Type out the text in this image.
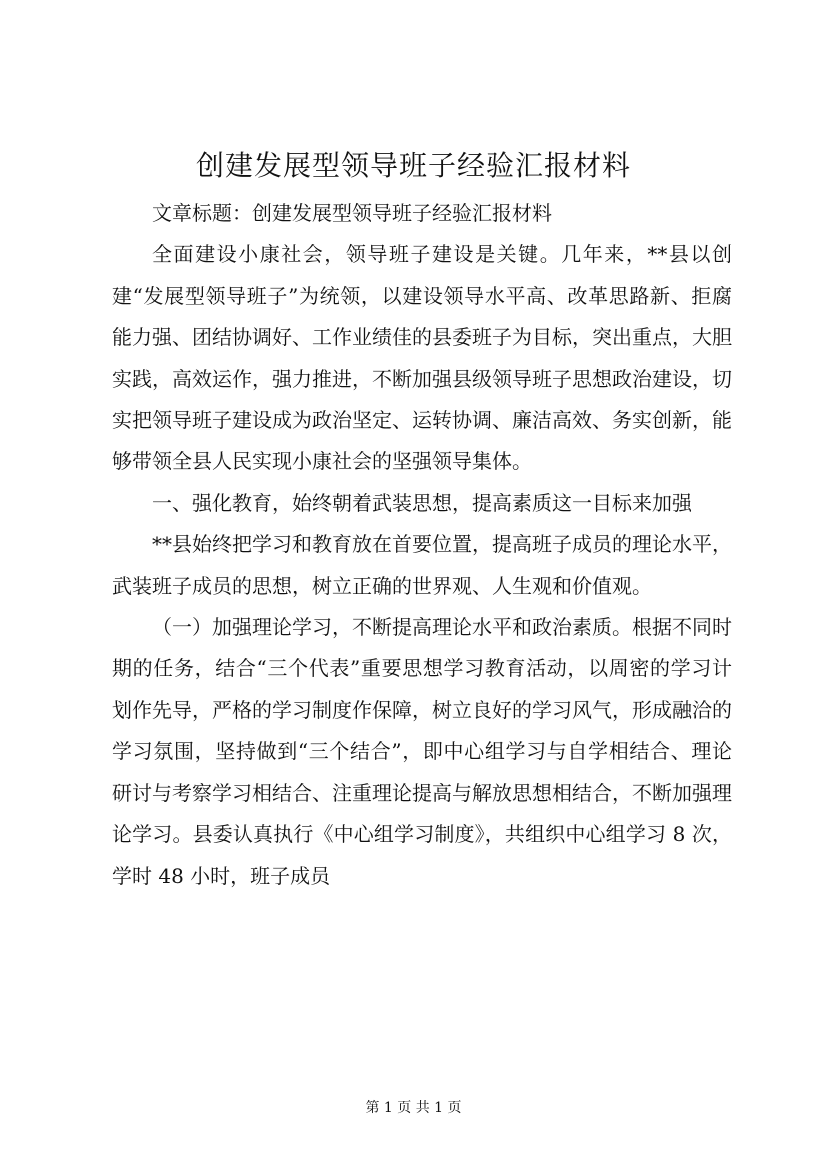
创建发展型领导班子经验汇报材料

文章标题：创建发展型领导班子经验汇报材料

全面建设小康社会，领导班子建设是关键。几年来，**县以创建“发展型领导班子”为统领，以建设领导水平高、改革思路新、拒腐能力强、团结协调好、工作业绩佳的县委班子为目标，突出重点，大胆实践，高效运作，强力推进，不断加强县级领导班子思想政治建设，切实把领导班子建设成为政治坚定、运转协调、廉洁高效、务实创新，能够带领全县人民实现小康社会的坚强领导集体。

一、强化教育，始终朝着武装思想，提高素质这一目标来加强

**县始终把学习和教育放在首要位置，提高班子成员的理论水平，武装班子成员的思想，树立正确的世界观、人生观和价值观。

（一）加强理论学习，不断提高理论水平和政治素质。根据不同时期的任务，结合“三个代表”重要思想学习教育活动，以周密的学习计划作先导，严格的学习制度作保障，树立良好的学习风气，形成融洽的学习氛围，坚持做到“三个结合”，即中心组学习与自学相结合、理论研讨与考察学习相结合、注重理论提高与解放思想相结合，不断加强理论学习。县委认真执行《中心组学习制度》，共组织中心组学习 8 次，学时 48 小时，班子成员

第 1 页 共 1 页
